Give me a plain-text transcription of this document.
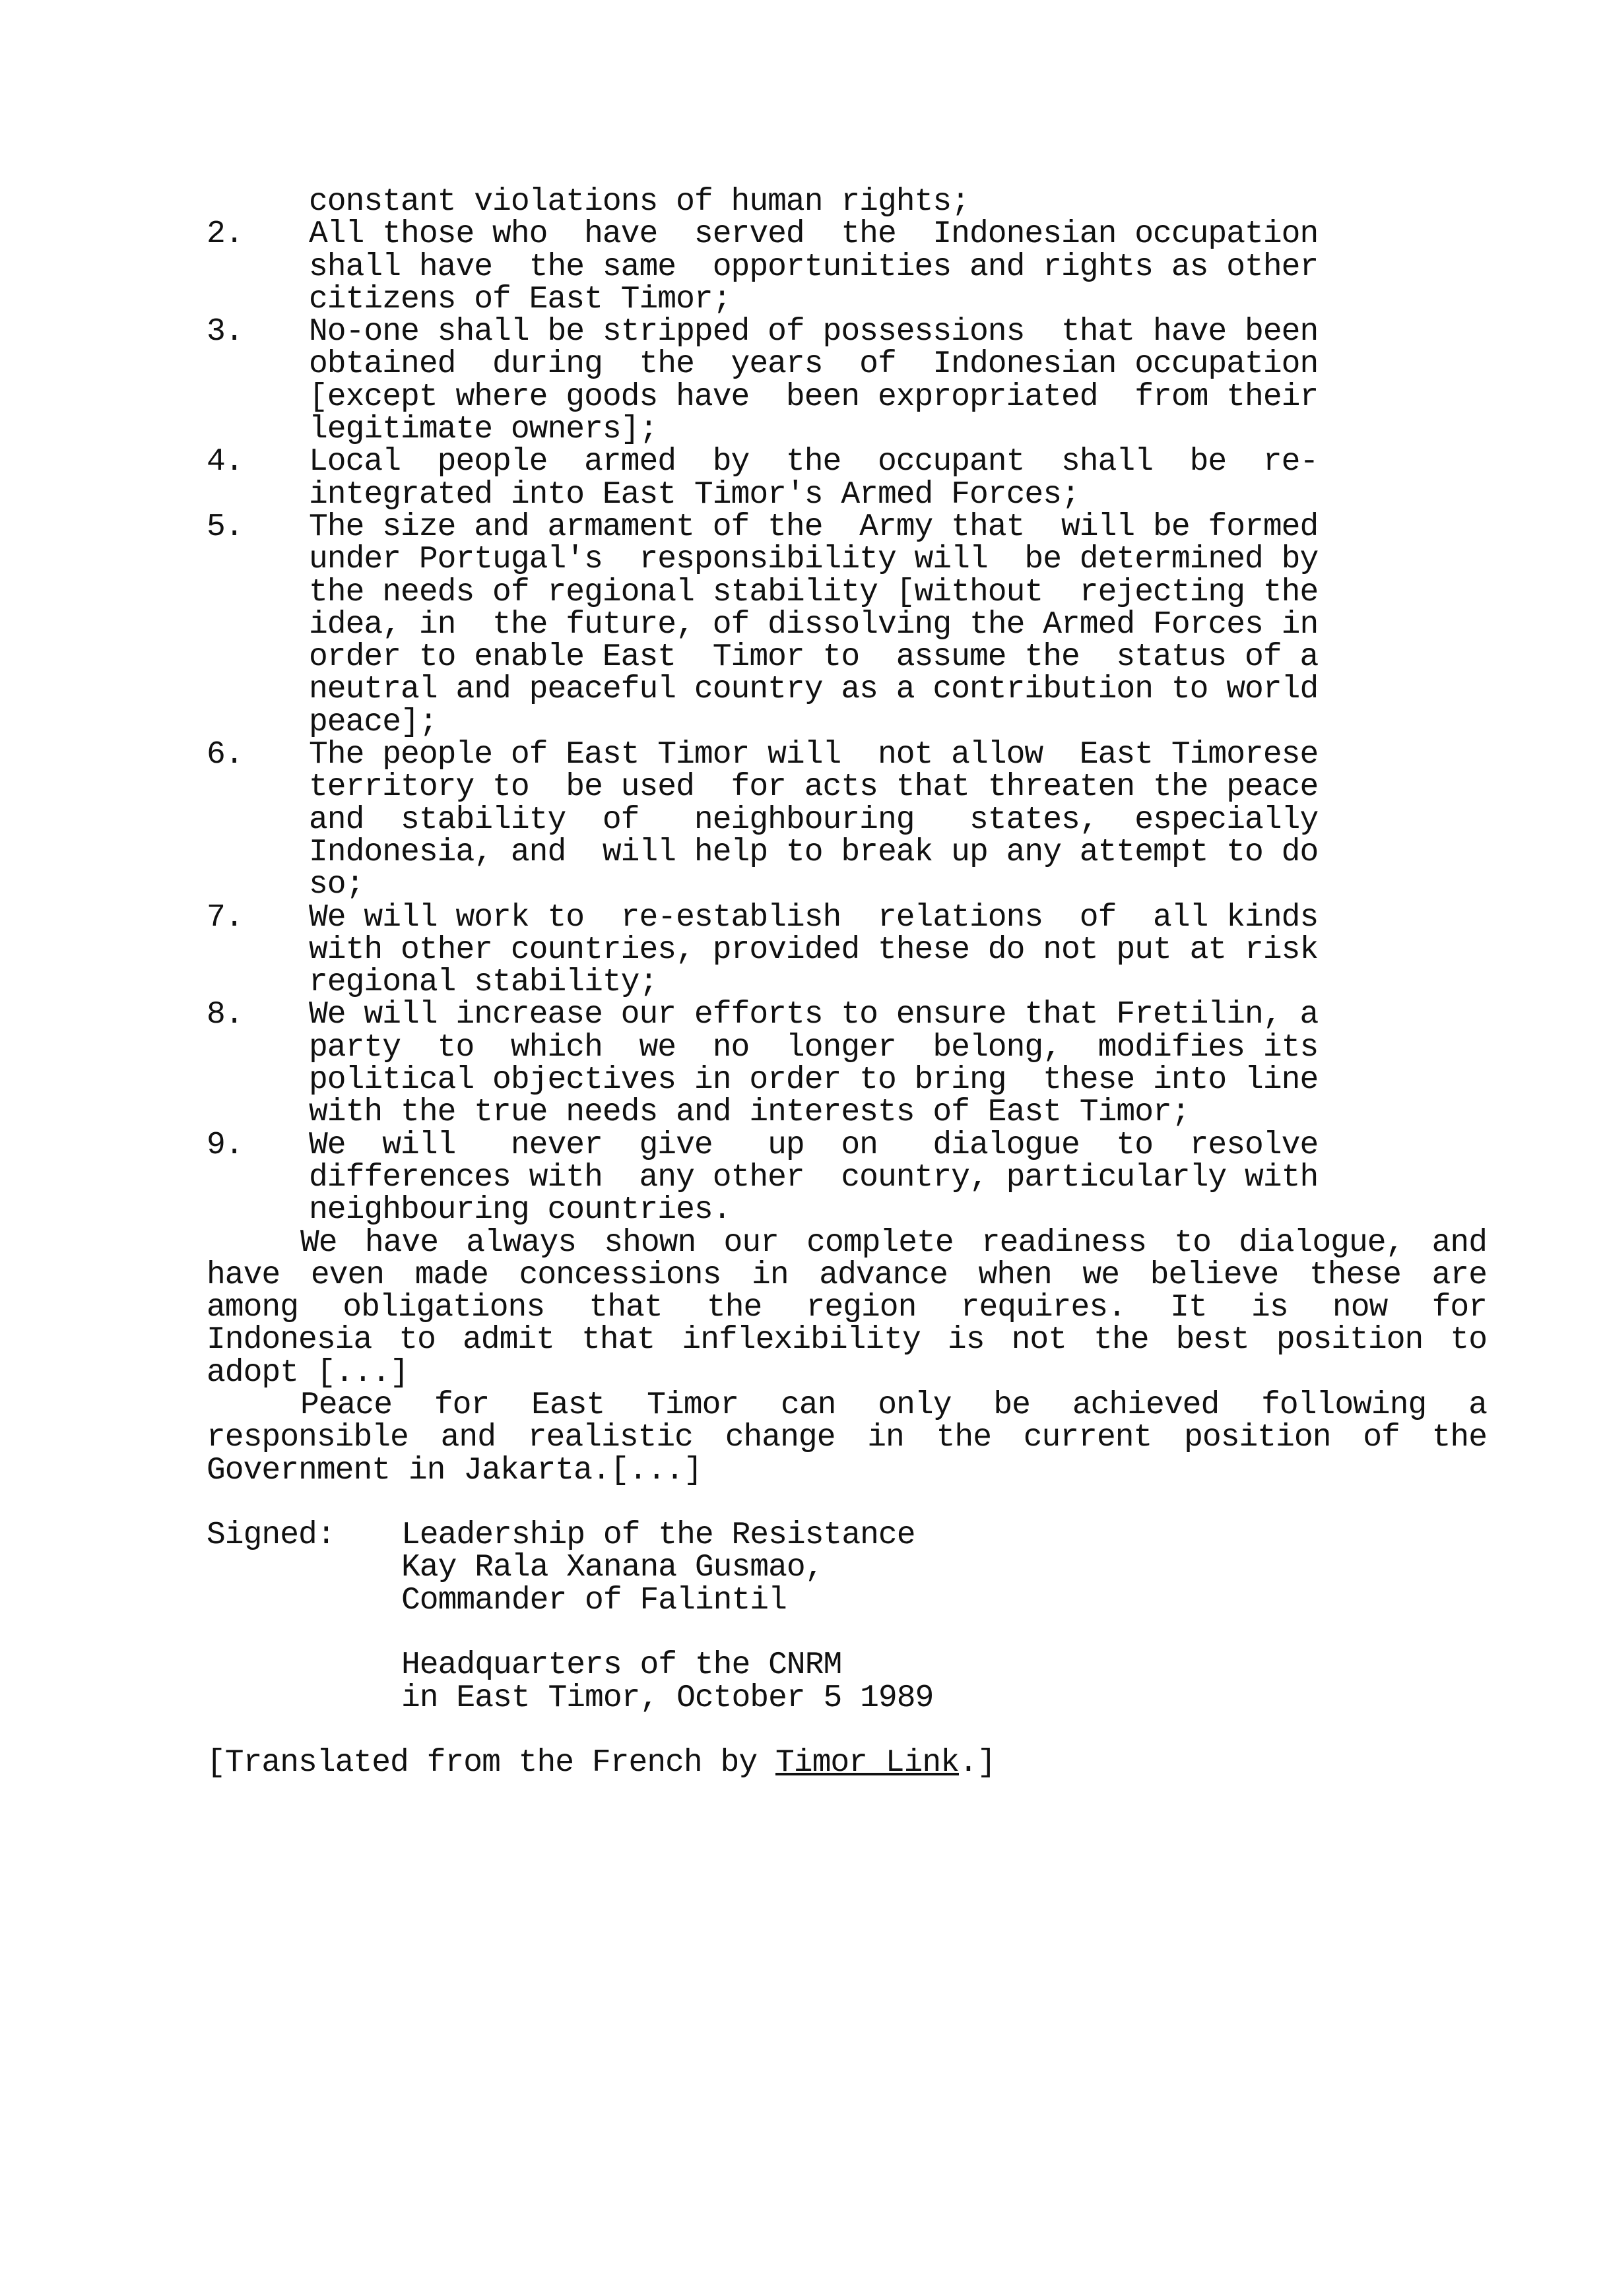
constant violations of human rights;
2.	All those who  have  served  the  Indonesian occupation
shall have  the same  opportunities and rights as other
citizens of East Timor;
3.	No-one shall be stripped of possessions  that have been
obtained  during  the  years  of  Indonesian occupation
[except where goods have  been expropriated  from their
legitimate owners];
4.	Local  people  armed  by  the  occupant  shall  be  re-
integrated into East Timor's Armed Forces;
5.	The size and armament of the  Army that  will be formed
under Portugal's  responsibility will  be determined by
the needs of regional stability [without  rejecting the
idea, in  the future, of dissolving the Armed Forces in
order to enable East  Timor to  assume the  status of a
neutral and peaceful country as a contribution to world
peace];
6.	The people of East Timor will  not allow  East Timorese
territory to  be used  for acts that threaten the peace
and  stability  of   neighbouring   states,  especially
Indonesia, and  will help to break up any attempt to do
so;
7.	We will work to  re-establish  relations  of  all kinds
with other countries, provided these do not put at risk
regional stability;
8.	We will increase our efforts to ensure that Fretilin, a
party  to  which  we  no  longer  belong,  modifies its
political objectives in order to bring  these into line
with the true needs and interests of East Timor;
9.	We  will   never  give   up  on   dialogue  to  resolve
differences with  any other  country, particularly with
neighbouring countries.
We have always shown our complete readiness to dialogue, and
have even made concessions in advance when we believe these are
among obligations that the region requires. It is now for
Indonesia to admit that inflexibility is not the best position to
adopt [...]
Peace for East Timor can only be achieved following a
responsible and realistic change in the current position of the
Government in Jakarta.[...]
Signed: Leadership of the Resistance
Kay Rala Xanana Gusmao,
Commander of Falintil
Headquarters of the CNRM
in East Timor, October 5 1989
[Translated from the French by Timor Link.]
